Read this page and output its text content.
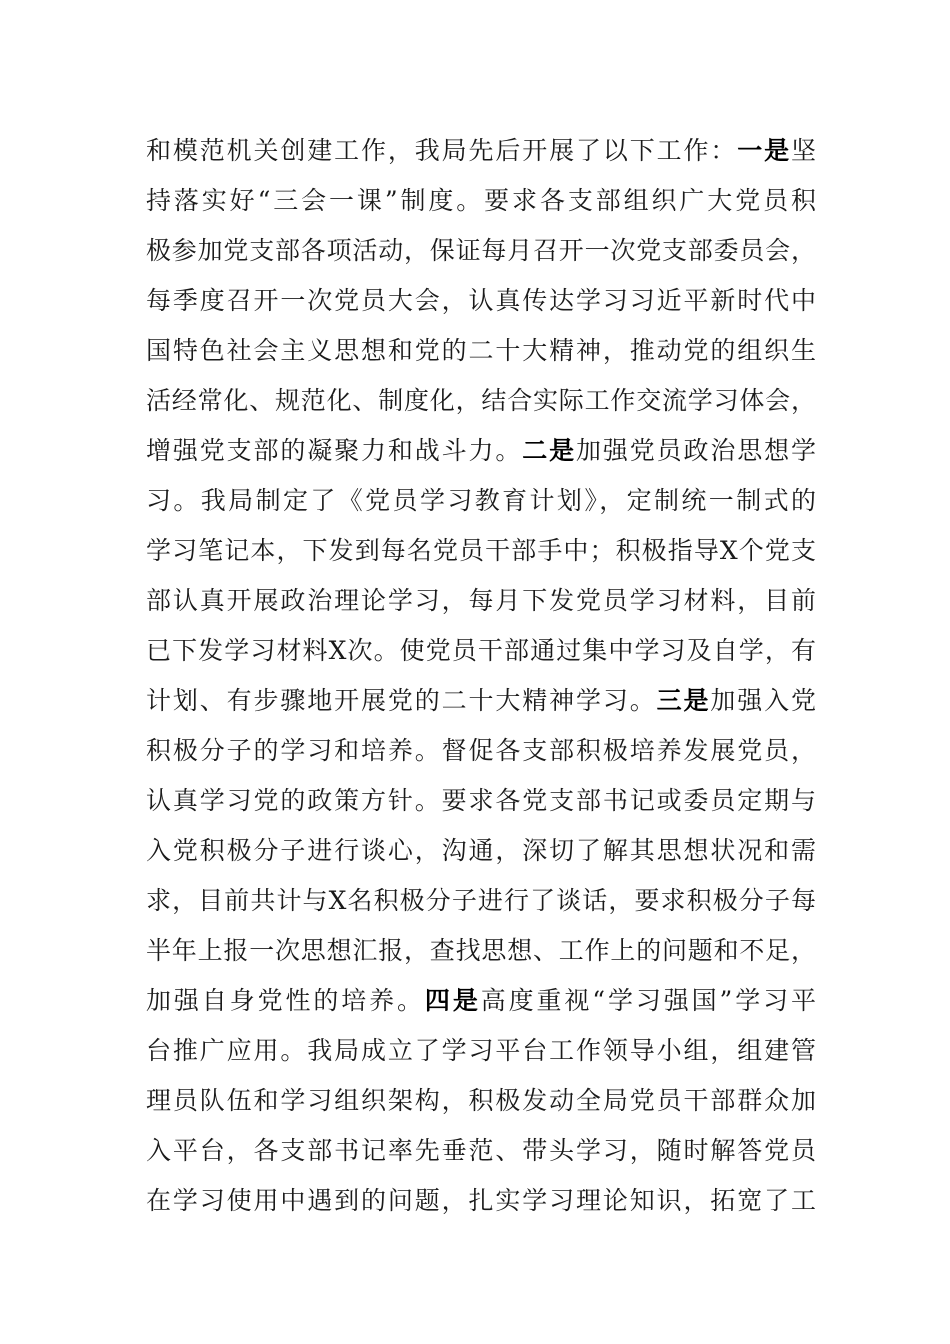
和模范机关创建工作，我局先后开展了以下工作：一是坚
持落实好“三会一课”制度。要求各支部组织广大党员积
极参加党支部各项活动，保证每月召开一次党支部委员会，
每季度召开一次党员大会，认真传达学习习近平新时代中
国特色社会主义思想和党的二十大精神，推动党的组织生
活经常化、规范化、制度化，结合实际工作交流学习体会，
增强党支部的凝聚力和战斗力。二是加强党员政治思想学
习。我局制定了《党员学习教育计划》，定制统一制式的
学习笔记本，下发到每名党员干部手中；积极指导X个党支
部认真开展政治理论学习，每月下发党员学习材料，目前
已下发学习材料X次。使党员干部通过集中学习及自学，有
计划、有步骤地开展党的二十大精神学习。三是加强入党
积极分子的学习和培养。督促各支部积极培养发展党员，
认真学习党的政策方针。要求各党支部书记或委员定期与
入党积极分子进行谈心，沟通，深切了解其思想状况和需
求，目前共计与X名积极分子进行了谈话，要求积极分子每
半年上报一次思想汇报，查找思想、工作上的问题和不足，
加强自身党性的培养。四是高度重视“学习强国”学习平
台推广应用。我局成立了学习平台工作领导小组，组建管
理员队伍和学习组织架构，积极发动全局党员干部群众加
入平台，各支部书记率先垂范、带头学习，随时解答党员
在学习使用中遇到的问题，扎实学习理论知识，拓宽了工
